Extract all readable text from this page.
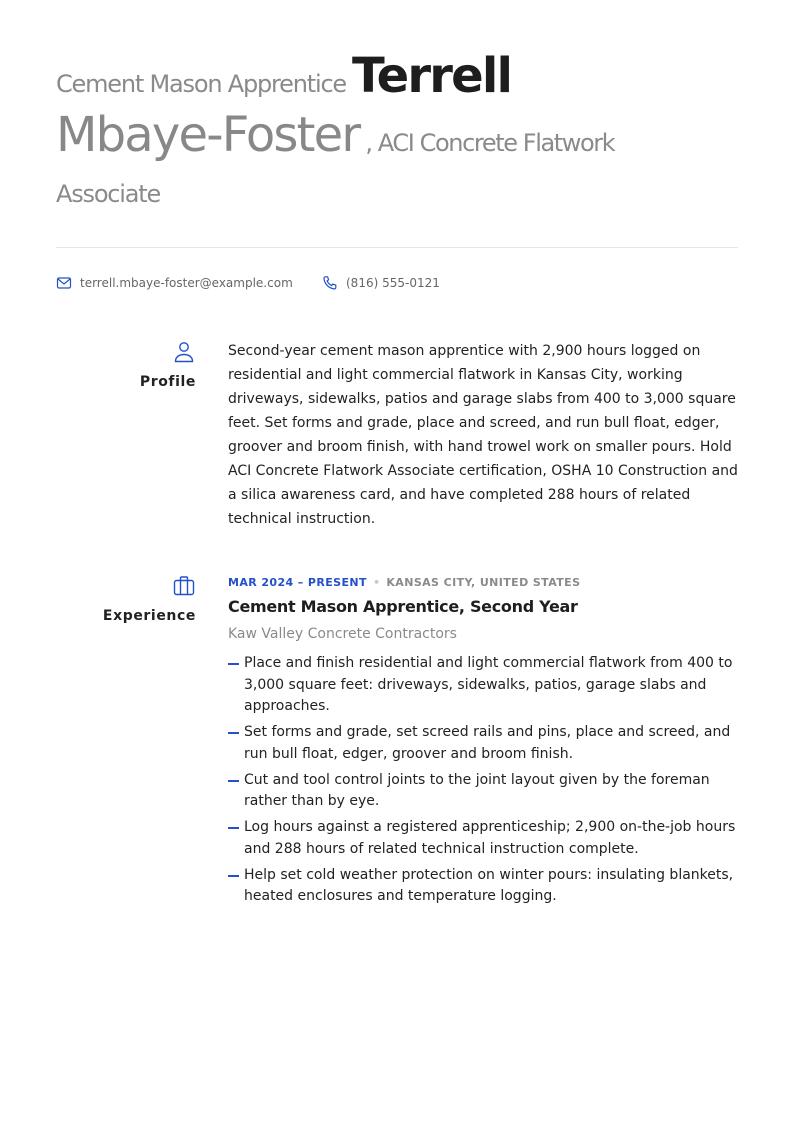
Cement Mason Apprentice Terrell
Mbaye-Foster , ACI Concrete Flatwork
Associate
terrell.mbaye-foster@example.com	(816) 555-0121
Profile

Second-year cement mason apprentice with 2,900 hours logged on residential and light commercial flatwork in Kansas City, working driveways, sidewalks, patios and garage slabs from 400 to 3,000 square feet. Set forms and grade, place and screed, and run bull float, edger, groover and broom finish, with hand trowel work on smaller pours. Hold ACI Concrete Flatwork Associate certification, OSHA 10 Construction and a silica awareness card, and have completed 288 hours of related technical instruction.

Experience
MAR 2024 – PRESENT • KANSAS CITY, UNITED STATES
Cement Mason Apprentice, Second Year
Kaw Valley Concrete Contractors
Place and finish residential and light commercial flatwork from 400 to 3,000 square feet: driveways, sidewalks, patios, garage slabs and approaches.
Set forms and grade, set screed rails and pins, place and screed, and run bull float, edger, groover and broom finish.
Cut and tool control joints to the joint layout given by the foreman rather than by eye.
Log hours against a registered apprenticeship; 2,900 on-the-job hours and 288 hours of related technical instruction complete.
Help set cold weather protection on winter pours: insulating blankets, heated enclosures and temperature logging.
